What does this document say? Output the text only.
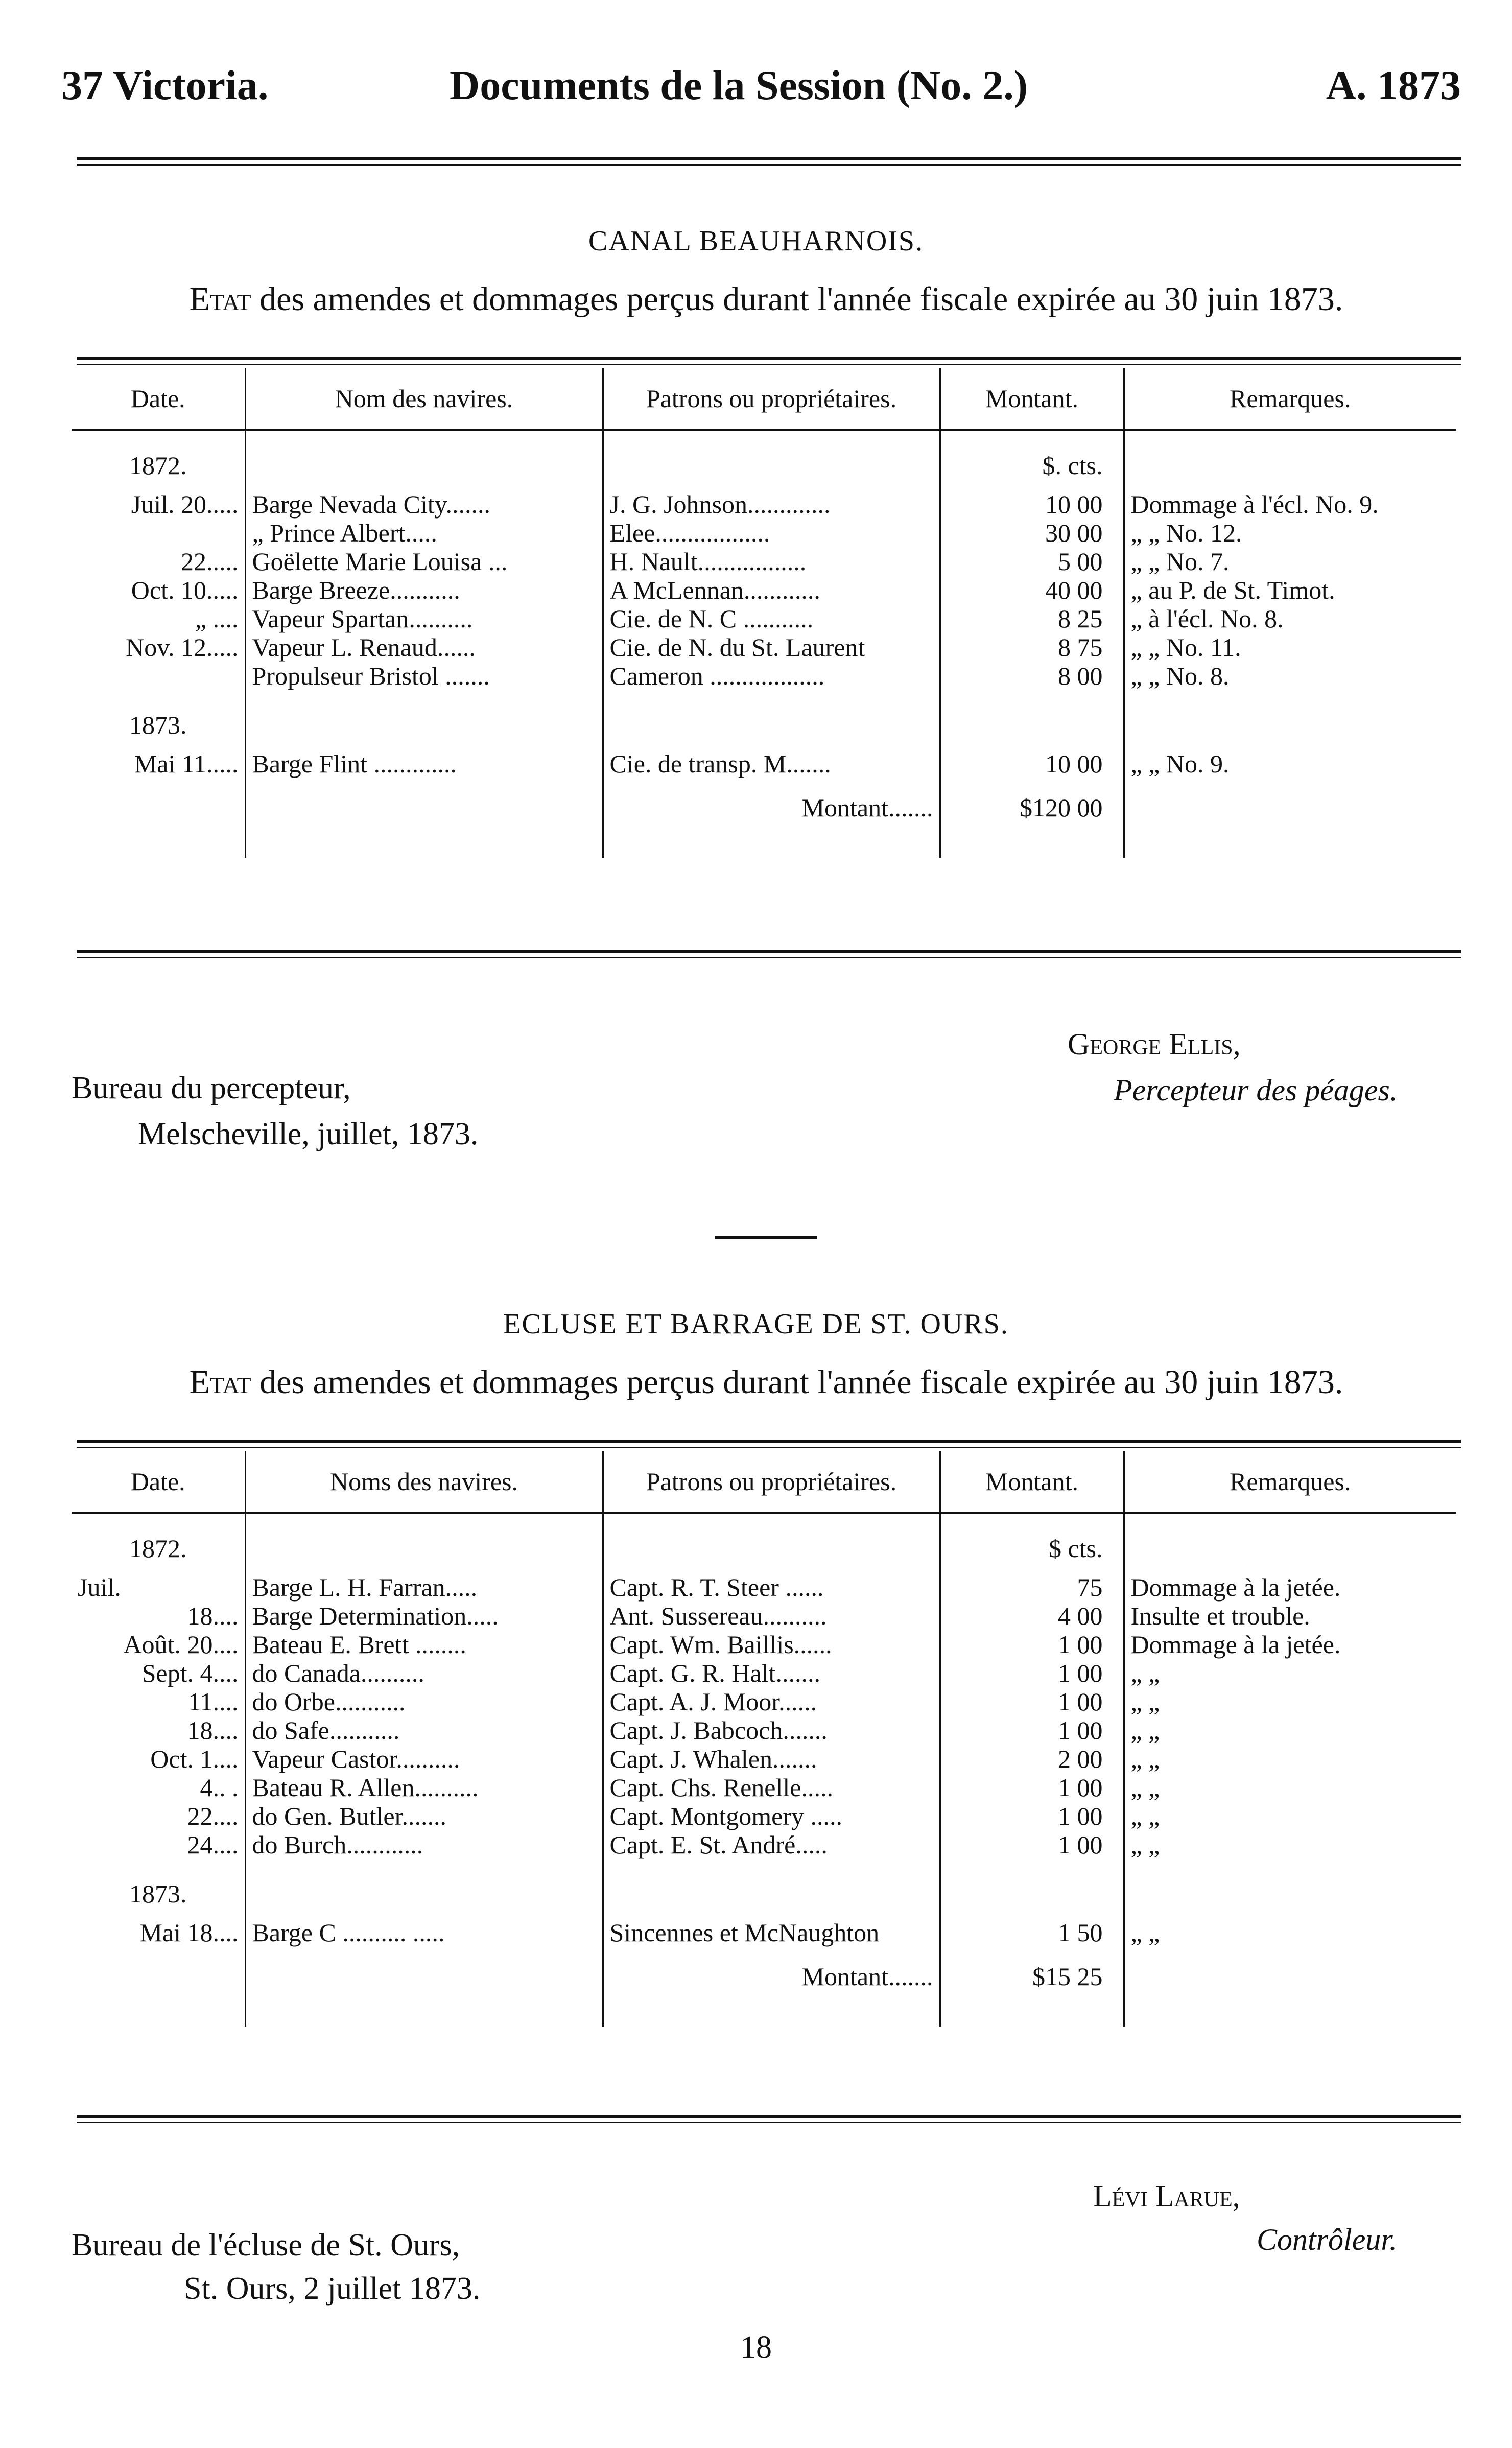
37 Victoria.	Documents de la Session (No. 2.)	A. 1873
CANAL BEAUHARNOIS.
Etat des amendes et dommages perçus durant l'année fiscale expirée au 30 juin 1873.
Date.	Nom des navires.	Patrons ou propriétaires.	Montant.	Remarques.
1872.			$. cts.	
Juil. 20.....	Barge Nevada City.......	J. G. Johnson.............	10 00	Dommage à l'écl. No. 9.
	„ Prince Albert.....	Elee..................	30 00	„ „ No. 12.
22.....	Goëlette Marie Louisa ...	H. Nault.................	5 00	„ „ No. 7.
Oct. 10.....	Barge Breeze...........	A McLennan............	40 00	„ au P. de St. Timot.
„ ....	Vapeur Spartan..........	Cie. de N. C ...........	8 25	„ à l'écl. No. 8.
Nov. 12.....	Vapeur L. Renaud......	Cie. de N. du St. Laurent	8 75	„ „ No. 11.
	Propulseur Bristol .......	Cameron ..................	8 00	„ „ No. 8.
1873.				
Mai 11.....	Barge Flint .............	Cie. de transp. M.......	10 00	„ „ No. 9.
		Montant.......	$120 00	

George Ellis,
Percepteur des péages.
Bureau du percepteur,
Melscheville, juillet, 1873.
ECLUSE ET BARRAGE DE ST. OURS.
Etat des amendes et dommages perçus durant l'année fiscale expirée au 30 juin 1873.
Date.	Noms des navires.	Patrons ou propriétaires.	Montant.	Remarques.
1872.			$ cts.	
Juil.	Barge L. H. Farran.....	Capt. R. T. Steer ......	75	Dommage à la jetée.
18....	Barge Determination.....	Ant. Sussereau..........	4 00	Insulte et trouble.
Août. 20....	Bateau E. Brett ........	Capt. Wm. Baillis......	1 00	Dommage à la jetée.
Sept. 4....	do Canada..........	Capt. G. R. Halt.......	1 00	„ „
11....	do Orbe...........	Capt. A. J. Moor......	1 00	„ „
18....	do Safe...........	Capt. J. Babcoch.......	1 00	„ „
Oct. 1....	Vapeur Castor..........	Capt. J. Whalen.......	2 00	„ „
4.. .	Bateau R. Allen..........	Capt. Chs. Renelle.....	1 00	„ „
22....	do Gen. Butler.......	Capt. Montgomery .....	1 00	„ „
24....	do Burch............	Capt. E. St. André.....	1 00	„ „
1873.				
Mai 18....	Barge C .......... .....	Sincennes et McNaughton	1 50	„ „
		Montant.......	$15 25	

Lévi Larue,
Contrôleur.
Bureau de l'écluse de St. Ours,
St. Ours, 2 juillet 1873.
18
